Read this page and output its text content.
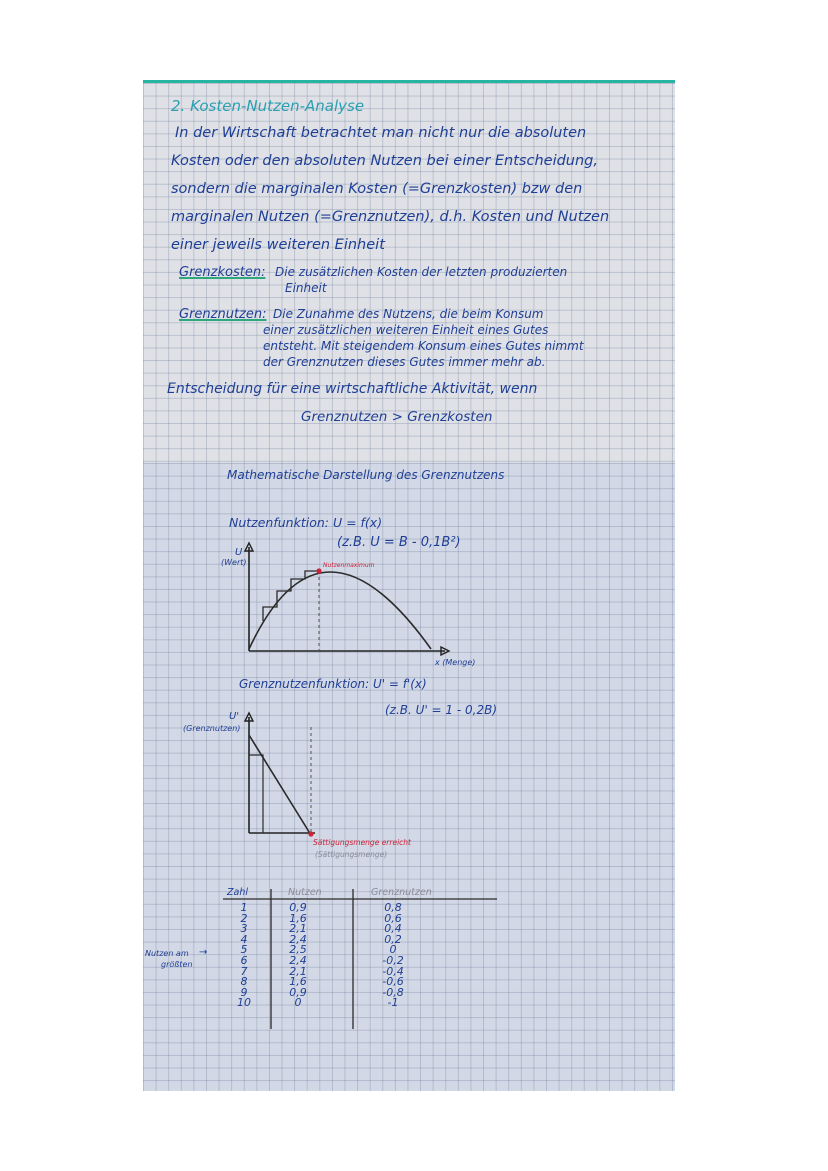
2. Kosten-Nutzen-Analyse
In der Wirtschaft betrachtet man nicht nur die absoluten
Kosten oder den absoluten Nutzen bei einer Entscheidung,
sondern die marginalen Kosten (=Grenzkosten) bzw den
marginalen Nutzen (=Grenznutzen), d.h. Kosten und Nutzen
einer jeweils weiteren Einheit
Grenzkosten: Die zusätzlichen Kosten der letzten produzierten
Einheit
Grenznutzen: Die Zunahme des Nutzens, die beim Konsum
einer zusätzlichen weiteren Einheit eines Gutes
entsteht. Mit steigendem Konsum eines Gutes nimmt
der Grenznutzen dieses Gutes immer mehr ab.
Entscheidung für eine wirtschaftliche Aktivität, wenn
Grenznutzen > Grenzkosten
Mathematische Darstellung des Grenznutzens
Nutzenfunktion: U = f(x)
(z.B. U = B - 0,1B²)
Nutzenmaximum
U
(Wert)
x (Menge)
Grenznutzenfunktion: U' = f'(x)
(z.B. U' = 1 - 0,2B)
U'
(Grenznutzen)
Sättigungsmenge erreicht
(Sättigungsmenge)
Zahl	Nutzen	Grenznutzen
1
2
3
4
5
6
7
8
9
10
0,9
1,6
2,1
2,4
2,5
2,4
2,1
1,6
0,9
0
0,8
0,6
0,4
0,2
0
-0,2
-0,4
-0,6
-0,8
-1
Nutzen am
größten
→
